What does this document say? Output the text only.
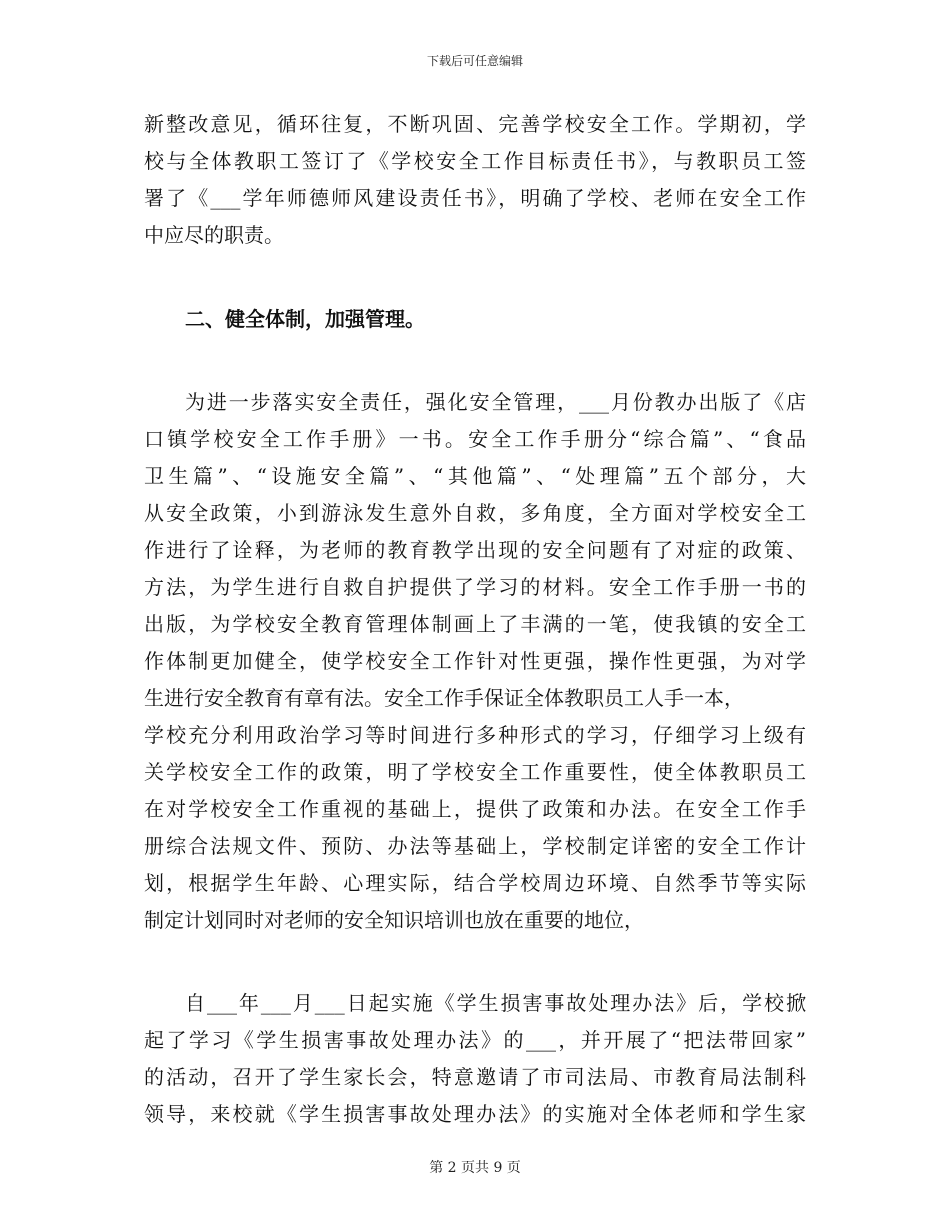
下载后可任意编辑
新整改意见，循环往复，不断巩固、完善学校安全工作。学期初，学
校与全体教职工签订了《学校安全工作目标责任书》，与教职员工签
署了《___学年师德师风建设责任书》，明确了学校、老师在安全工作
中应尽的职责。
二、健全体制，加强管理。
为进一步落实安全责任，强化安全管理，___月份教办出版了《店
口镇学校安全工作手册》一书。安全工作手册分“综合篇”、“食品
卫生篇”、“设施安全篇”、“其他篇”、“处理篇”五个部分，大
从安全政策，小到游泳发生意外自救，多角度，全方面对学校安全工
作进行了诠释，为老师的教育教学出现的安全问题有了对症的政策、
方法，为学生进行自救自护提供了学习的材料。安全工作手册一书的
出版，为学校安全教育管理体制画上了丰满的一笔，使我镇的安全工
作体制更加健全，使学校安全工作针对性更强，操作性更强，为对学
生进行安全教育有章有法。安全工作手保证全体教职员工人手一本，
学校充分利用政治学习等时间进行多种形式的学习，仔细学习上级有
关学校安全工作的政策，明了学校安全工作重要性，使全体教职员工
在对学校安全工作重视的基础上，提供了政策和办法。在安全工作手
册综合法规文件、预防、办法等基础上，学校制定详密的安全工作计
划，根据学生年龄、心理实际，结合学校周边环境、自然季节等实际
制定计划同时对老师的安全知识培训也放在重要的地位，
自___年___月___日起实施《学生损害事故处理办法》后，学校掀
起了学习《学生损害事故处理办法》的___，并开展了“把法带回家”
的活动，召开了学生家长会，特意邀请了市司法局、市教育局法制科
领导，来校就《学生损害事故处理办法》的实施对全体老师和学生家
第 2 页共 9 页
